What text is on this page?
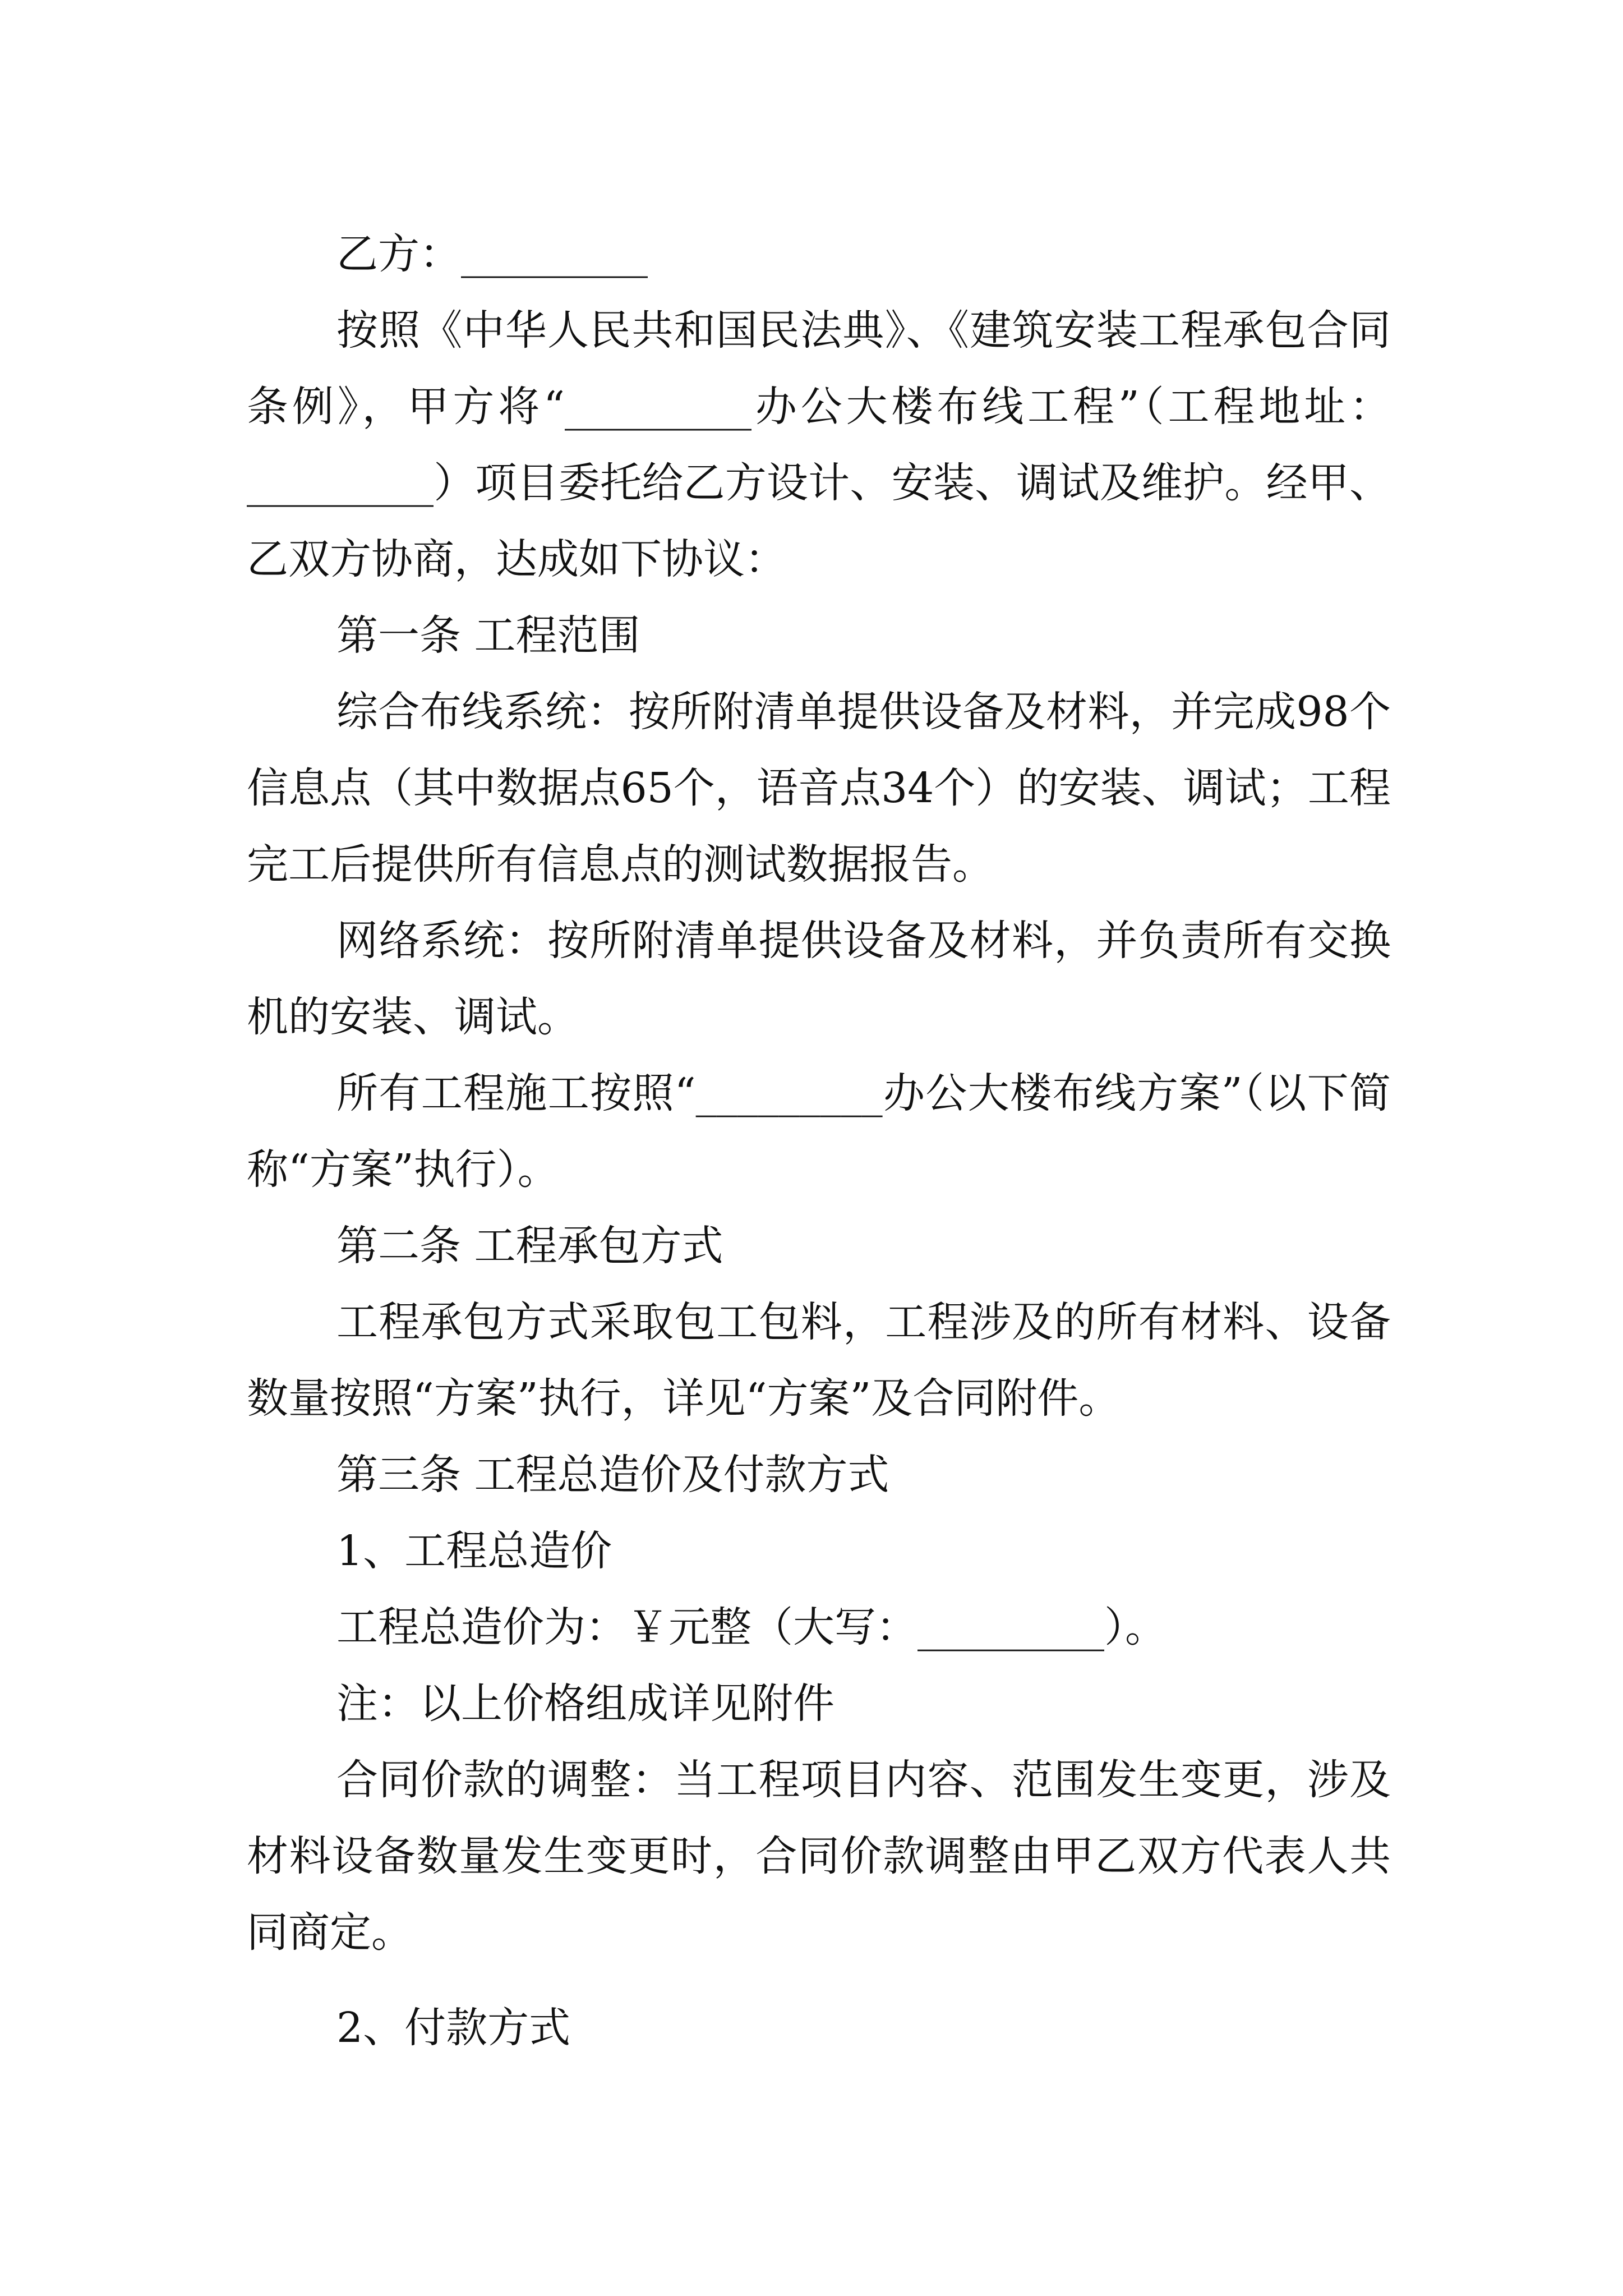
乙方：_________

按照《中华人民共和国民法典》、《建筑安装工程承包合同条例》，甲方将“_________办公大楼布线工程”（工程地址：_________）项目委托给乙方设计、安装、调试及维护。经甲、乙双方协商，达成如下协议：

第一条 工程范围

综合布线系统：按所附清单提供设备及材料，并完成98个信息点（其中数据点65个，语音点34个）的安装、调试；工程完工后提供所有信息点的测试数据报告。

网络系统：按所附清单提供设备及材料，并负责所有交换机的安装、调试。

所有工程施工按照“_________办公大楼布线方案”（以下简称“方案”执行）。

第二条 工程承包方式

工程承包方式采取包工包料，工程涉及的所有材料、设备数量按照“方案”执行，详见“方案”及合同附件。

第三条 工程总造价及付款方式

1、工程总造价

工程总造价为：￥元整（大写：_________）。

注：以上价格组成详见附件

合同价款的调整：当工程项目内容、范围发生变更，涉及材料设备数量发生变更时，合同价款调整由甲乙双方代表人共同商定。

2、付款方式
